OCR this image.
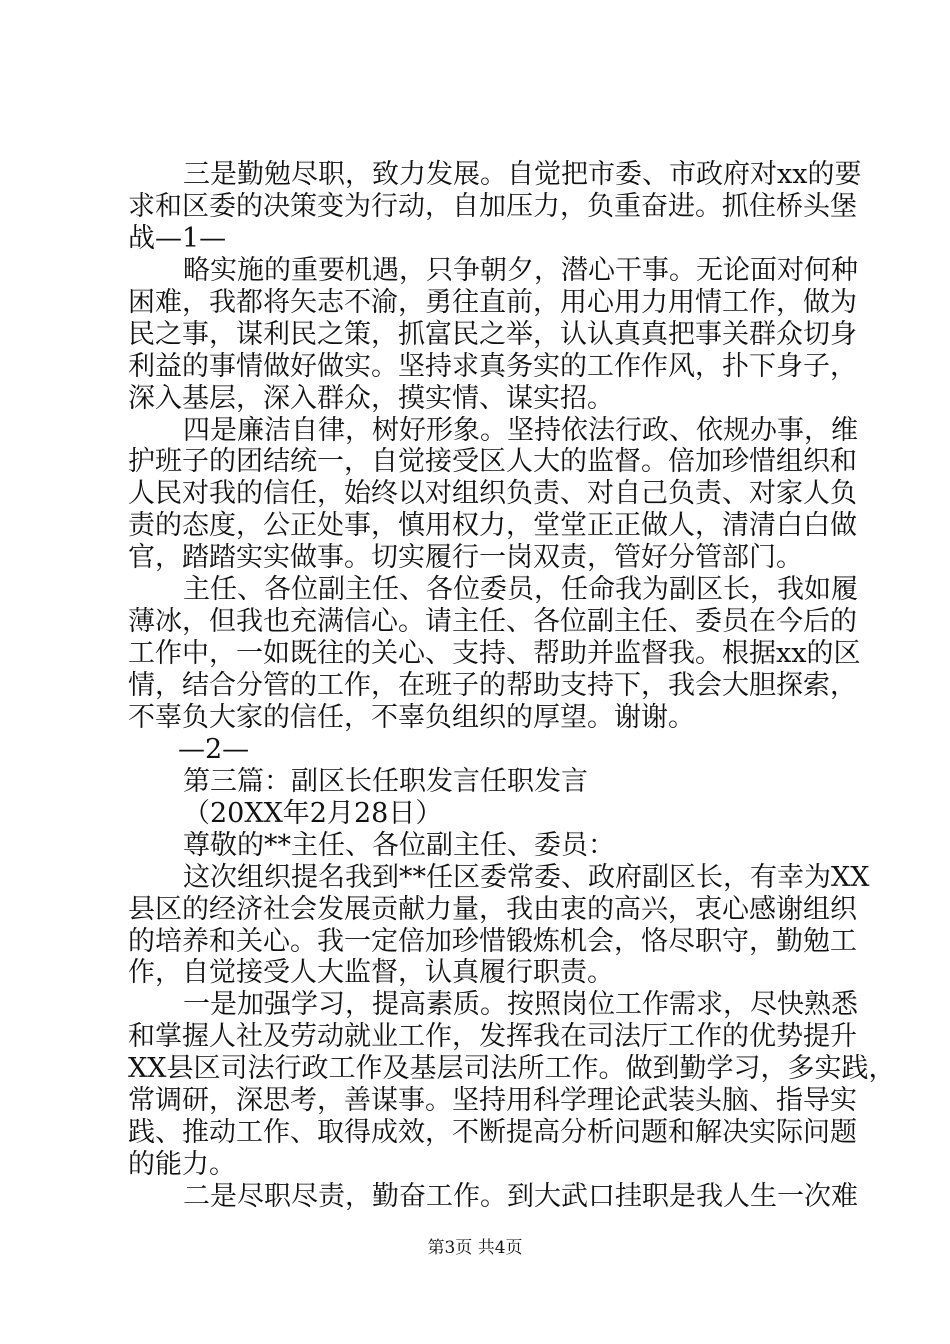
三是勤勉尽职，致力发展。自觉把市委、市政府对xx的要
求和区委的决策变为行动，自加压力，负重奋进。抓住桥头堡
战—1—
略实施的重要机遇，只争朝夕，潜心干事。无论面对何种
困难，我都将矢志不渝，勇往直前，用心用力用情工作，做为
民之事，谋利民之策，抓富民之举，认认真真把事关群众切身
利益的事情做好做实。坚持求真务实的工作作风，扑下身子，
深入基层，深入群众，摸实情、谋实招。
四是廉洁自律，树好形象。坚持依法行政、依规办事，维
护班子的团结统一，自觉接受区人大的监督。倍加珍惜组织和
人民对我的信任，始终以对组织负责、对自己负责、对家人负
责的态度，公正处事，慎用权力，堂堂正正做人，清清白白做
官，踏踏实实做事。切实履行一岗双责，管好分管部门。
主任、各位副主任、各位委员，任命我为副区长，我如履
薄冰，但我也充满信心。请主任、各位副主任、委员在今后的
工作中，一如既往的关心、支持、帮助并监督我。根据xx的区
情，结合分管的工作，在班子的帮助支持下，我会大胆探索，
不辜负大家的信任，不辜负组织的厚望。谢谢。
—2—
第三篇：副区长任职发言任职发言
（20XX年2月28日）
尊敬的**主任、各位副主任、委员：
这次组织提名我到**任区委常委、政府副区长，有幸为XX
县区的经济社会发展贡献力量，我由衷的高兴，衷心感谢组织
的培养和关心。我一定倍加珍惜锻炼机会，恪尽职守，勤勉工
作，自觉接受人大监督，认真履行职责。
一是加强学习，提高素质。按照岗位工作需求，尽快熟悉
和掌握人社及劳动就业工作，发挥我在司法厅工作的优势提升
XX县区司法行政工作及基层司法所工作。做到勤学习，多实践，
常调研，深思考，善谋事。坚持用科学理论武装头脑、指导实
践、推动工作、取得成效，不断提高分析问题和解决实际问题
的能力。
二是尽职尽责，勤奋工作。到大武口挂职是我人生一次难
第3页 共4页
